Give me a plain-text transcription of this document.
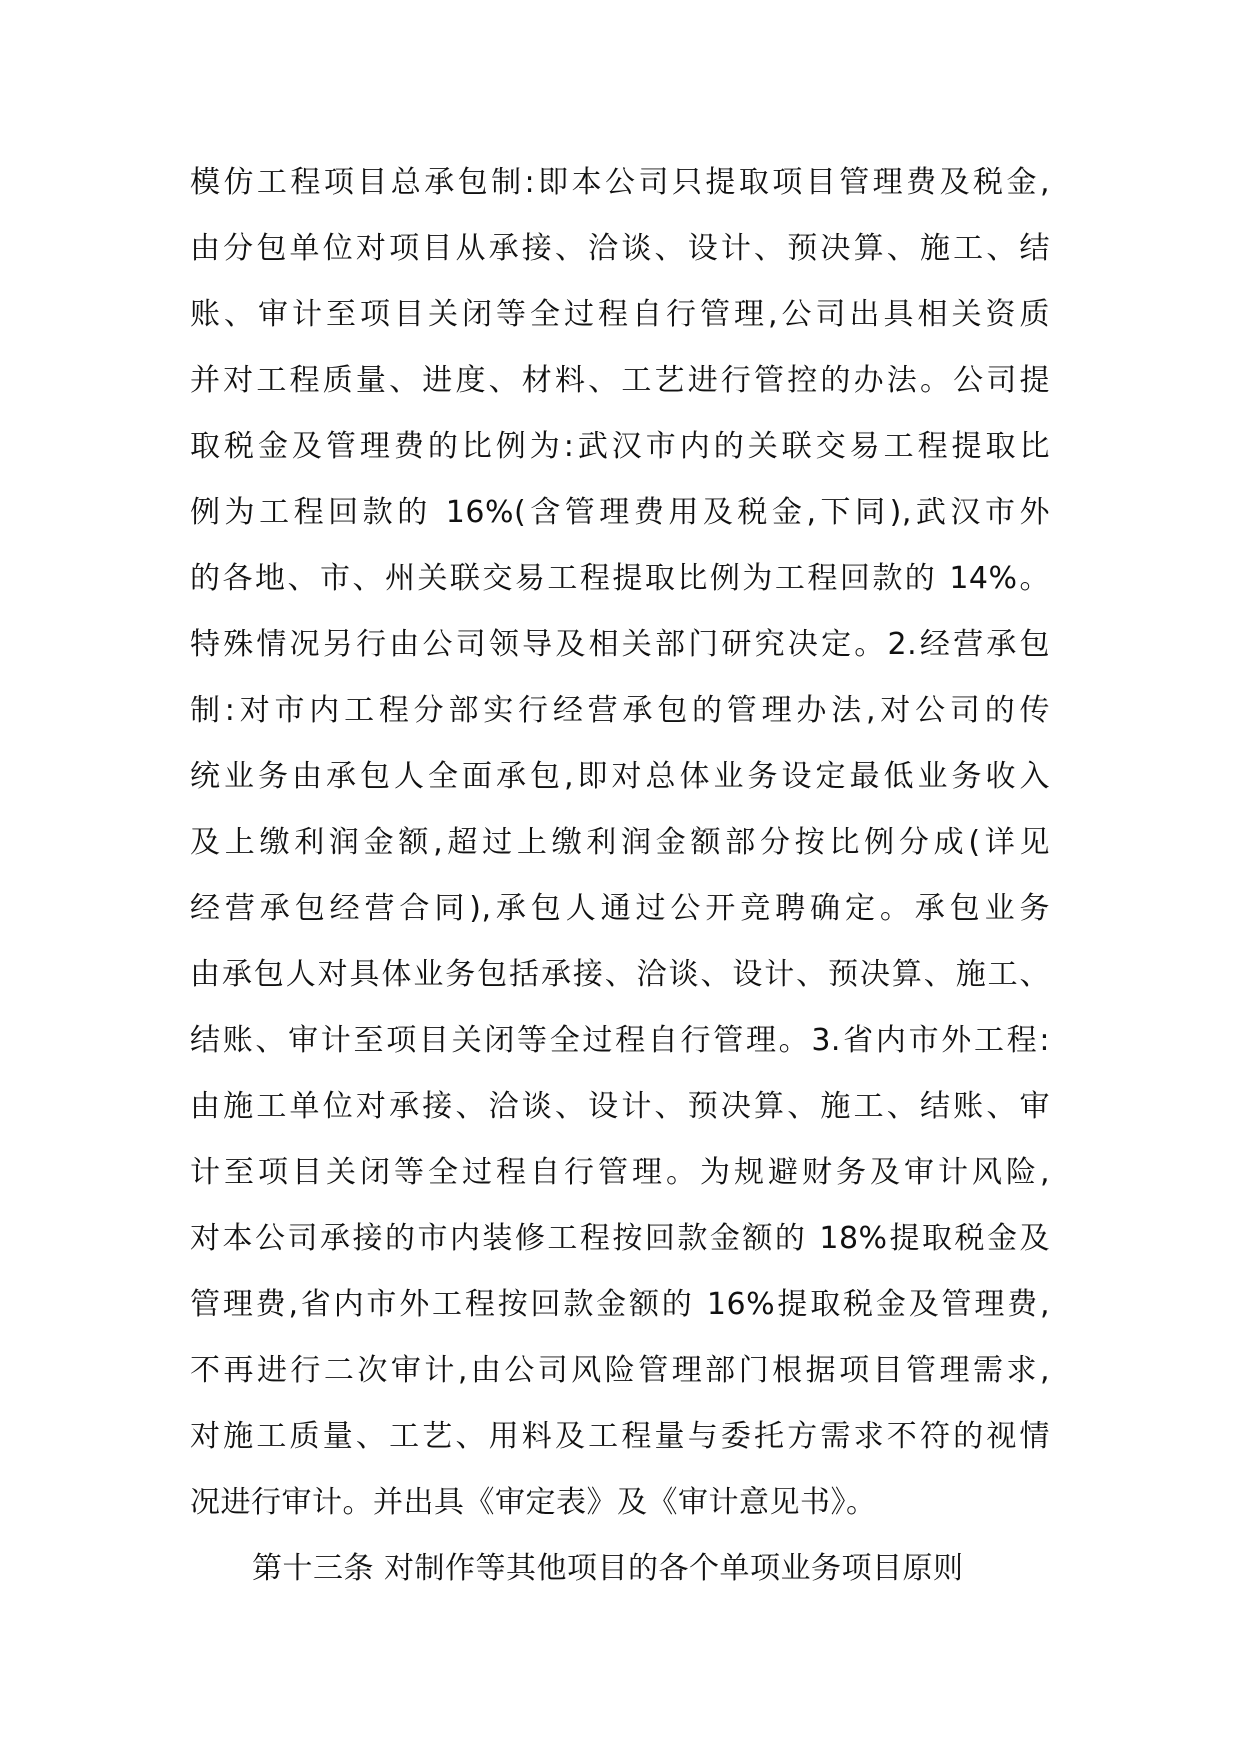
模仿工程项目总承包制:即本公司只提取项目管理费及税金,
由分包单位对项目从承接、洽谈、设计、预决算、施工、结
账、审计至项目关闭等全过程自行管理,公司出具相关资质
并对工程质量、进度、材料、工艺进行管控的办法。公司提
取税金及管理费的比例为:武汉市内的关联交易工程提取比
例为工程回款的 16%(含管理费用及税金,下同),武汉市外
的各地、市、州关联交易工程提取比例为工程回款的 14%。
特殊情况另行由公司领导及相关部门研究决定。2.经营承包
制:对市内工程分部实行经营承包的管理办法,对公司的传
统业务由承包人全面承包,即对总体业务设定最低业务收入
及上缴利润金额,超过上缴利润金额部分按比例分成(详见
经营承包经营合同),承包人通过公开竞聘确定。承包业务
由承包人对具体业务包括承接、洽谈、设计、预决算、施工、
结账、审计至项目关闭等全过程自行管理。3.省内市外工程:
由施工单位对承接、洽谈、设计、预决算、施工、结账、审
计至项目关闭等全过程自行管理。为规避财务及审计风险,
对本公司承接的市内装修工程按回款金额的 18%提取税金及
管理费,省内市外工程按回款金额的 16%提取税金及管理费,
不再进行二次审计,由公司风险管理部门根据项目管理需求,
对施工质量、工艺、用料及工程量与委托方需求不符的视情
况进行审计。并出具《审定表》及《审计意见书》。
第十三条 对制作等其他项目的各个单项业务项目原则
